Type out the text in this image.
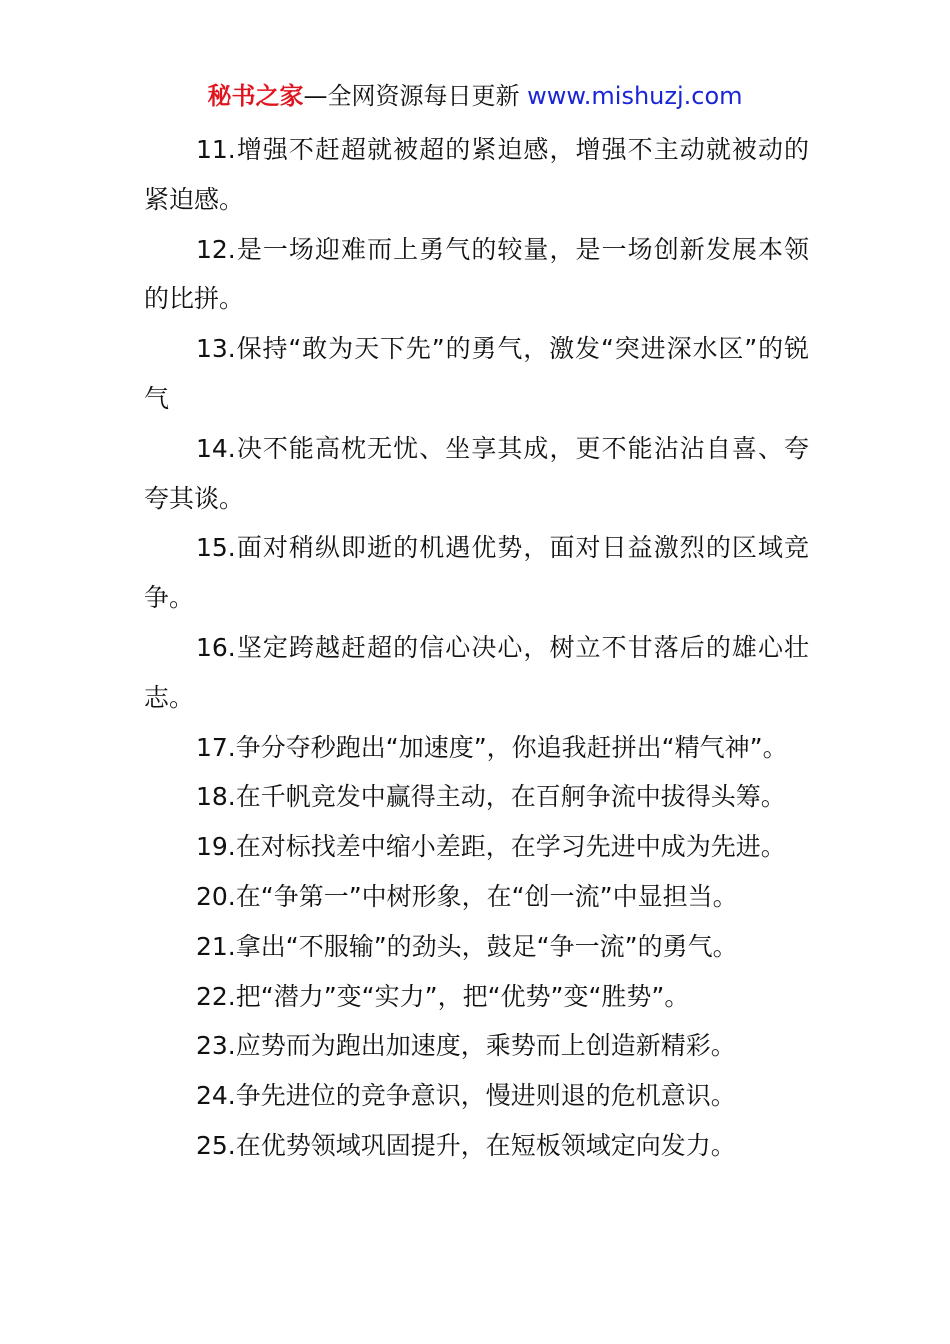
秘书之家—全网资源每日更新 www.mishuzj.com

11.增强不赶超就被超的紧迫感，增强不主动就被动的紧迫感。

12.是一场迎难而上勇气的较量，是一场创新发展本领的比拼。

13.保持“敢为天下先”的勇气，激发“突进深水区”的锐气

14.决不能高枕无忧、坐享其成，更不能沾沾自喜、夸夸其谈。

15.面对稍纵即逝的机遇优势，面对日益激烈的区域竞争。

16.坚定跨越赶超的信心决心，树立不甘落后的雄心壮志。

17.争分夺秒跑出“加速度”，你追我赶拼出“精气神”。

18.在千帆竞发中赢得主动，在百舸争流中拔得头筹。

19.在对标找差中缩小差距，在学习先进中成为先进。

20.在“争第一”中树形象，在“创一流”中显担当。

21.拿出“不服输”的劲头，鼓足“争一流”的勇气。

22.把“潜力”变“实力”，把“优势”变“胜势”。

23.应势而为跑出加速度，乘势而上创造新精彩。

24.争先进位的竞争意识，慢进则退的危机意识。

25.在优势领域巩固提升，在短板领域定向发力。
